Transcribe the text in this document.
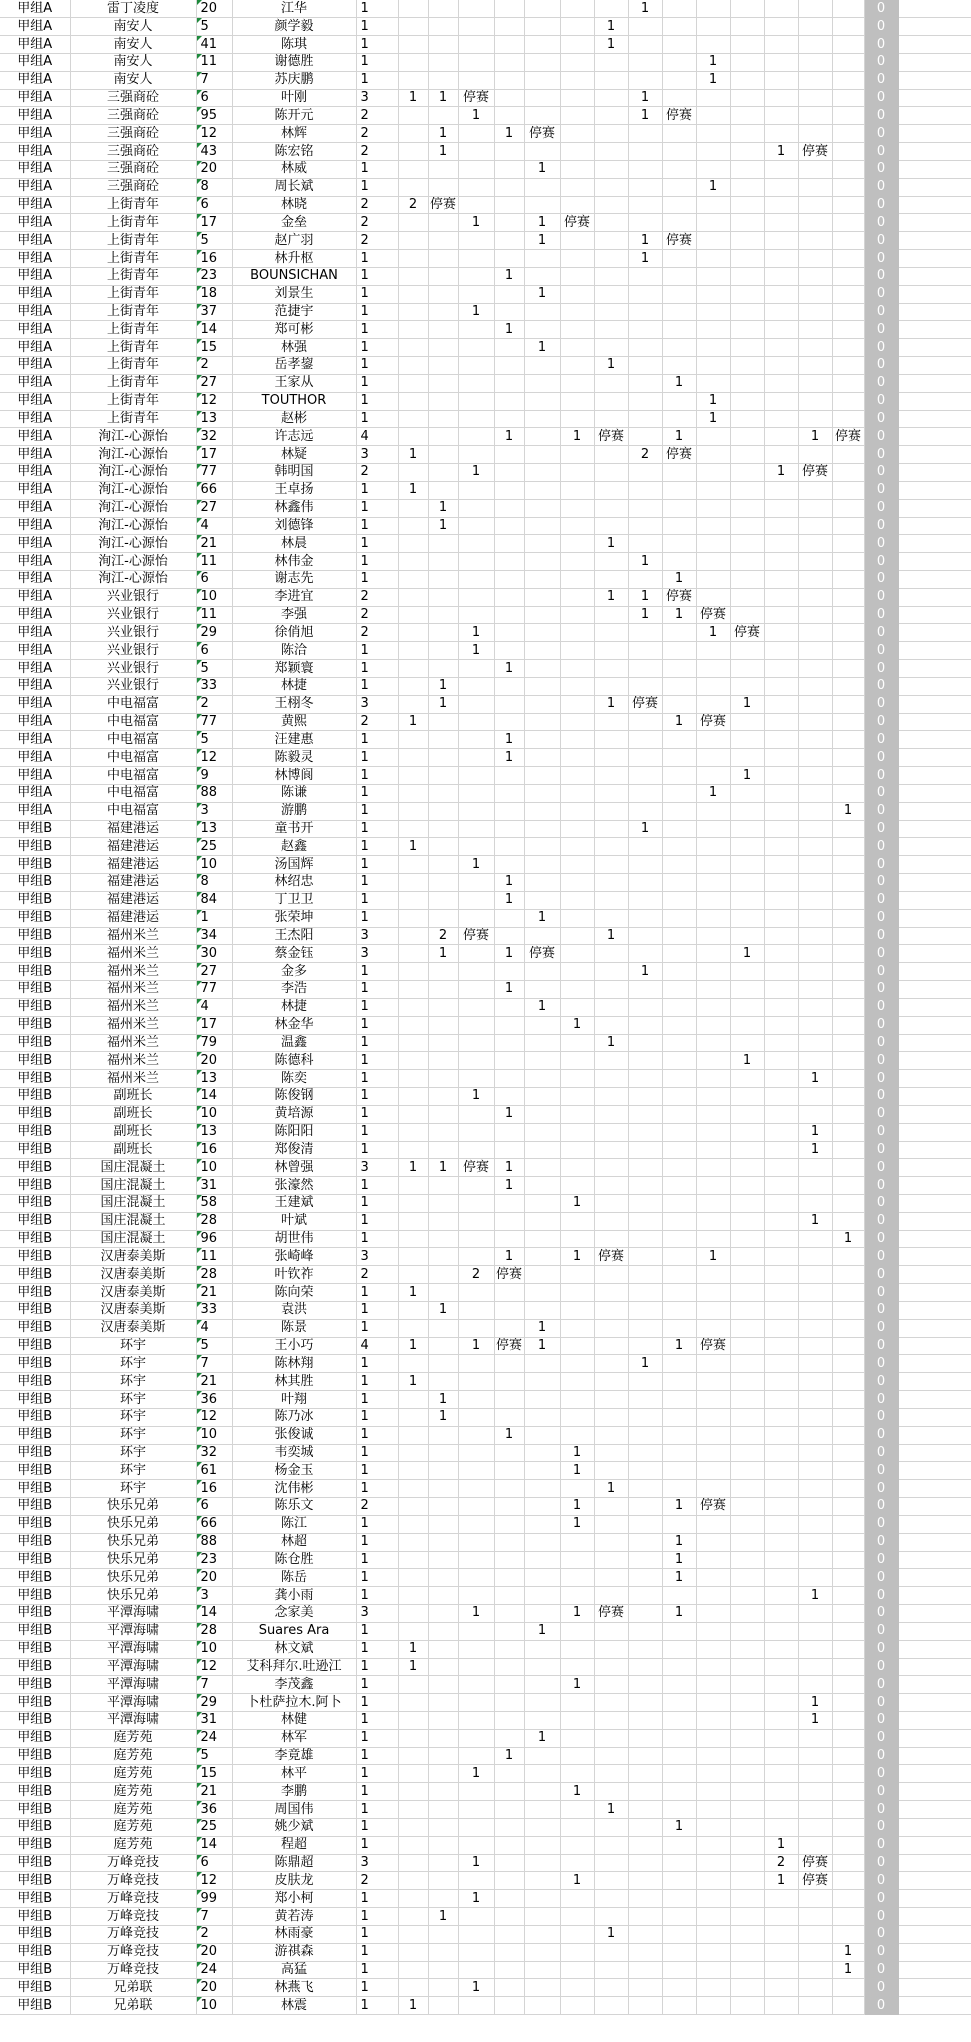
甲组A	雷丁凌度	20	江华	1								1							0	
甲组A	南安人	5	颜学毅	1							1								0	
甲组A	南安人	41	陈琪	1							1								0	
甲组A	南安人	11	谢德胜	1										1					0	
甲组A	南安人	7	苏庆鹏	1										1					0	
甲组A	三强商砼	6	叶刚	3	1	1	停赛					1							0	
甲组A	三强商砼	95	陈开元	2			1					1	停赛						0	
甲组A	三强商砼	12	林辉	2		1		1	停赛										0	
甲组A	三强商砼	43	陈宏铭	2		1										1	停赛		0	
甲组A	三强商砼	20	林威	1					1										0	
甲组A	三强商砼	8	周长斌	1										1					0	
甲组A	上街青年	6	林晓	2	2	停赛													0	
甲组A	上街青年	17	金垒	2			1		1	停赛									0	
甲组A	上街青年	5	赵广羽	2					1			1	停赛						0	
甲组A	上街青年	16	林升枢	1								1							0	
甲组A	上街青年	23	BOUNSICHAN	1				1											0	
甲组A	上街青年	18	刘景生	1					1										0	
甲组A	上街青年	37	范捷宇	1			1												0	
甲组A	上街青年	14	郑可彬	1				1											0	
甲组A	上街青年	15	林强	1					1										0	
甲组A	上街青年	2	岳孝鋆	1							1								0	
甲组A	上街青年	27	王家从	1									1						0	
甲组A	上街青年	12	TOUTHOR	1										1					0	
甲组A	上街青年	13	赵彬	1										1					0	
甲组A	洵江-心源怡	32	许志远	4				1		1	停赛		1				1	停赛	0	
甲组A	洵江-心源怡	17	林疑	3	1							2	停赛						0	
甲组A	洵江-心源怡	77	韩明国	2			1									1	停赛		0	
甲组A	洵江-心源怡	66	王卓扬	1	1														0	
甲组A	洵江-心源怡	27	林鑫伟	1		1													0	
甲组A	洵江-心源怡	4	刘德锋	1		1													0	
甲组A	洵江-心源怡	21	林晨	1							1								0	
甲组A	洵江-心源怡	11	林伟金	1								1							0	
甲组A	洵江-心源怡	6	谢志先	1									1						0	
甲组A	兴业银行	10	李进宜	2							1	1	停赛						0	
甲组A	兴业银行	11	李强	2								1	1	停赛					0	
甲组A	兴业银行	29	徐俏旭	2			1							1	停赛				0	
甲组A	兴业银行	6	陈洽	1			1												0	
甲组A	兴业银行	5	郑颖寰	1				1											0	
甲组A	兴业银行	33	林捷	1		1													0	
甲组A	中电福富	2	王栩冬	3		1					1	停赛			1				0	
甲组A	中电福富	77	黄熙	2	1								1	停赛					0	
甲组A	中电福富	5	汪建惠	1				1											0	
甲组A	中电福富	12	陈毅灵	1				1											0	
甲组A	中电福富	9	林博阆	1											1				0	
甲组A	中电福富	88	陈谦	1										1					0	
甲组A	中电福富	3	游鹏	1														1	0	
甲组B	福建港运	13	童书开	1								1							0	
甲组B	福建港运	25	赵鑫	1	1														0	
甲组B	福建港运	10	汤国辉	1			1												0	
甲组B	福建港运	8	林绍忠	1				1											0	
甲组B	福建港运	84	丁卫卫	1				1											0	
甲组B	福建港运	1	张荣坤	1					1										0	
甲组B	福州米兰	34	王杰阳	3		2	停赛				1								0	
甲组B	福州米兰	30	蔡金钰	3		1		1	停赛						1				0	
甲组B	福州米兰	27	金多	1								1							0	
甲组B	福州米兰	77	李浩	1				1											0	
甲组B	福州米兰	4	林捷	1					1										0	
甲组B	福州米兰	17	林金华	1						1									0	
甲组B	福州米兰	79	温鑫	1							1								0	
甲组B	福州米兰	20	陈德科	1											1				0	
甲组B	福州米兰	13	陈奕	1													1		0	
甲组B	副班长	14	陈俊钢	1			1												0	
甲组B	副班长	10	黄培源	1				1											0	
甲组B	副班长	13	陈阳阳	1													1		0	
甲组B	副班长	16	郑俊清	1													1		0	
甲组B	国庄混凝土	10	林曾强	3	1	1	停赛	1											0	
甲组B	国庄混凝土	31	张濠然	1				1											0	
甲组B	国庄混凝土	58	王建斌	1						1									0	
甲组B	国庄混凝土	28	叶斌	1													1		0	
甲组B	国庄混凝土	96	胡世伟	1														1	0	
甲组B	汉唐泰美斯	11	张崎峰	3				1		1	停赛			1					0	
甲组B	汉唐泰美斯	28	叶钦祚	2			2	停赛											0	
甲组B	汉唐泰美斯	21	陈向荣	1	1														0	
甲组B	汉唐泰美斯	33	袁洪	1		1													0	
甲组B	汉唐泰美斯	4	陈景	1					1										0	
甲组B	环宇	5	王小巧	4	1		1	停赛	1				1	停赛					0	
甲组B	环宇	7	陈林翔	1								1							0	
甲组B	环宇	21	林其胜	1	1														0	
甲组B	环宇	36	叶翔	1		1													0	
甲组B	环宇	12	陈乃冰	1		1													0	
甲组B	环宇	10	张俊诚	1				1											0	
甲组B	环宇	32	韦奕城	1						1									0	
甲组B	环宇	61	杨金玉	1						1									0	
甲组B	环宇	16	沈伟彬	1							1								0	
甲组B	快乐兄弟	6	陈乐文	2						1			1	停赛					0	
甲组B	快乐兄弟	66	陈江	1						1									0	
甲组B	快乐兄弟	88	林超	1									1						0	
甲组B	快乐兄弟	23	陈仓胜	1									1						0	
甲组B	快乐兄弟	20	陈岳	1									1						0	
甲组B	快乐兄弟	3	龚小雨	1													1		0	
甲组B	平潭海啸	14	念家美	3			1			1	停赛		1						0	
甲组B	平潭海啸	28	Suares Ara	1					1										0	
甲组B	平潭海啸	10	林文斌	1	1														0	
甲组B	平潭海啸	12	艾科拜尔.吐逊江	1	1														0	
甲组B	平潭海啸	7	李茂鑫	1						1									0	
甲组B	平潭海啸	29	卜杜萨拉木.阿卜	1													1		0	
甲组B	平潭海啸	31	林健	1													1		0	
甲组B	庭芳苑	24	林军	1					1										0	
甲组B	庭芳苑	5	李竟雄	1				1											0	
甲组B	庭芳苑	15	林平	1			1												0	
甲组B	庭芳苑	21	李鹏	1						1									0	
甲组B	庭芳苑	36	周国伟	1							1								0	
甲组B	庭芳苑	25	姚少斌	1									1						0	
甲组B	庭芳苑	14	程超	1												1			0	
甲组B	万峰竞技	6	陈鼎超	3			1									2	停赛		0	
甲组B	万峰竞技	12	皮肤龙	2						1						1	停赛		0	
甲组B	万峰竞技	99	郑小柯	1			1												0	
甲组B	万峰竞技	7	黄若涛	1		1													0	
甲组B	万峰竞技	2	林雨豪	1							1								0	
甲组B	万峰竞技	20	游祺森	1														1	0	
甲组B	万峰竞技	24	高猛	1														1	0	
甲组B	兄弟联	20	林燕飞	1			1												0	
甲组B	兄弟联	10	林震	1	1														0	
